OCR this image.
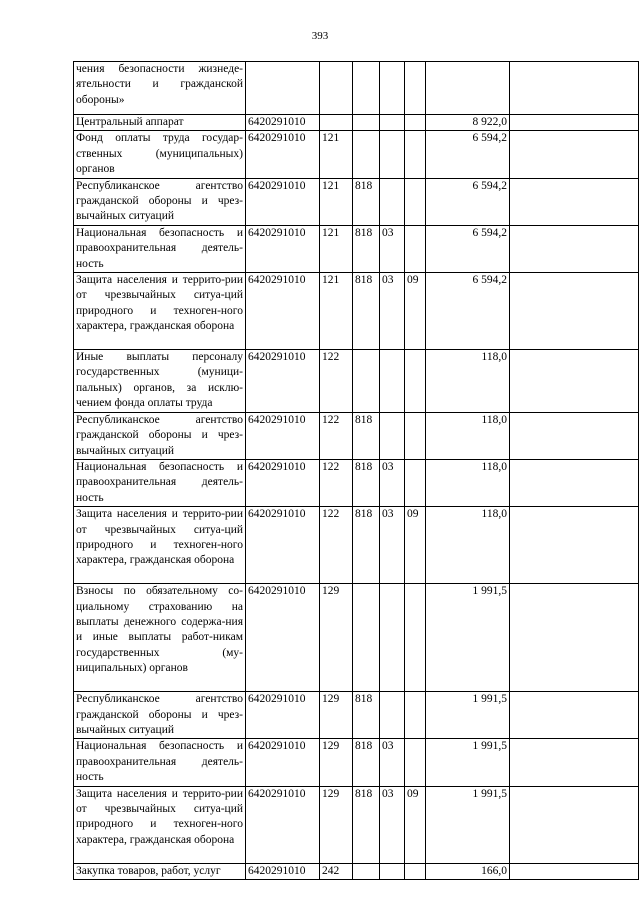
393
чения безопасности жизнеде-ятельности и гражданской обороны»							
Центральный аппарат	6420291010					8 922,0	
Фонд оплаты труда государ-ственных (муниципальных) органов	6420291010	121				6 594,2	
Республиканское агентство гражданской обороны и чрез-вычайных ситуаций	6420291010	121	818			6 594,2	
Национальная безопасность и правоохранительная деятель-ность	6420291010	121	818	03		6 594,2	
Защита населения и террито-рии от чрезвычайных ситуа-ций природного и техноген-ного характера, гражданская оборона	6420291010	121	818	03	09	6 594,2	
Иные выплаты персоналу государственных (муници-пальных) органов, за исклю-чением фонда оплаты труда	6420291010	122				118,0	
Республиканское агентство гражданской обороны и чрез-вычайных ситуаций	6420291010	122	818			118,0	
Национальная безопасность и правоохранительная деятель-ность	6420291010	122	818	03		118,0	
Защита населения и террито-рии от чрезвычайных ситуа-ций природного и техноген-ного характера, гражданская оборона	6420291010	122	818	03	09	118,0	
Взносы по обязательному со-циальному страхованию на выплаты денежного содержа-ния и иные выплаты работ-никам государственных (му-ниципальных) органов	6420291010	129				1 991,5	
Республиканское агентство гражданской обороны и чрез-вычайных ситуаций	6420291010	129	818			1 991,5	
Национальная безопасность и правоохранительная деятель-ность	6420291010	129	818	03		1 991,5	
Защита населения и террито-рии от чрезвычайных ситуа-ций природного и техноген-ного характера, гражданская оборона	6420291010	129	818	03	09	1 991,5	
Закупка товаров, работ, услуг	6420291010	242				166,0	
